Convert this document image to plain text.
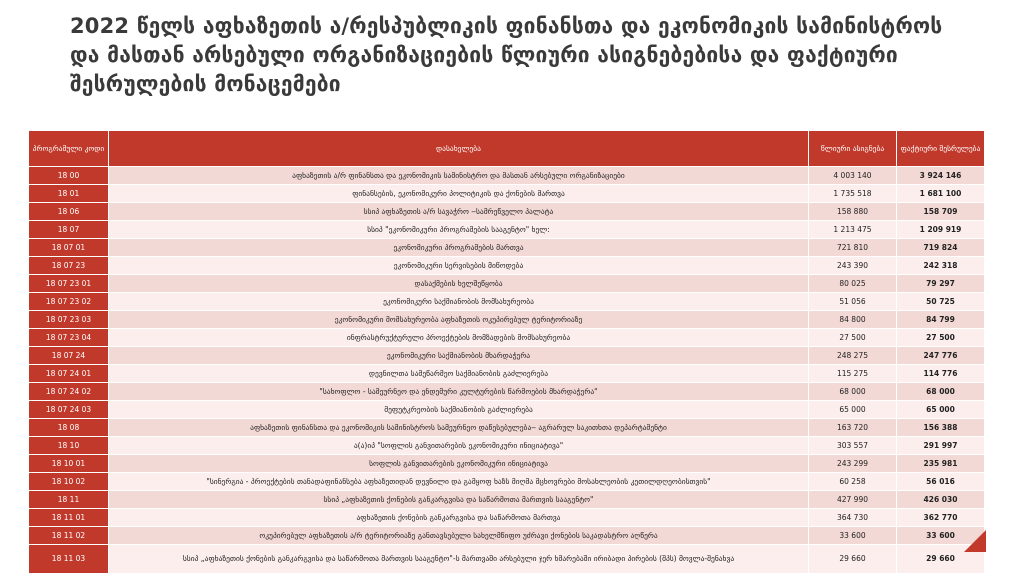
2022 წელს აფხაზეთის ა/რესპუბლიკის ფინანსთა და ეკონომიკის სამინისტროს და მასთან არსებული ორგანიზაციების წლიური ასიგნებებისა და ფაქტიური შესრულების მონაცემები
პროგრამული კოდი	დასახელება	წლიური ასიგნება	ფაქტიური შესრულება
18 00	აფხაზეთის ა/რ ფინანსთა და ეკონომიკის სამინისტრო და მასთან არსებული ორგანიზაციები	4 003 140	3 924 146
18 01	ფინანსების, ეკონომიკური პოლიტიკის და ქონების მართვა	1 735 518	1 681 100
18 06	სსიპ აფხაზეთის ა/რ სავაჭრო ‒სამრეწველო პალატა	158 880	158 709
18 07	სსიპ "ეკონომიკური პროგრამების სააგენტო" ხელ:	1 213 475	1 209 919
18 07 01	ეკონომიკური პროგრამების მართვა	721 810	719 824
18 07 23	ეკონომიკური სერვისების მიწოდება	243 390	242 318
18 07 23 01	დასაქმების ხელშეწყობა	80 025	79 297
18 07 23 02	ეკონომიკური საქმიანობის მომსახურეობა	51 056	50 725
18 07 23 03	ეკონომიკური მომსახურეობა აფხაზეთის ოკუპირებულ ტერიტორიაზე	84 800	84 799
18 07 23 04	ინფრასტრუქტურული პროექტების მომზადების მომსახურეობა	27 500	27 500
18 07 24	ეკონომიკური საქმიანობის მხარდაჭერა	248 275	247 776
18 07 24 01	დევნილთა სამეწარმეო საქმიანობის გაძლიერება	115 275	114 776
18 07 24 02	"სახოფლო - სამეურნეო და ენდემური კულტურების წარმოების მხარდაჭერა"	68 000	68 000
18 07 24 03	მეფუტკრეობის საქმიანობის გაძლიერება	65 000	65 000
18 08	აფხაზეთის ფინანსთა და ეკონომიკის სამინისტროს სამეურნეო დაწესებულება‒ აგრარულ საკითხთა დეპარტამენტი	163 720	156 388
18 10	ა(ა)იპ "სოფლის განვითარების ეკონომიკური ინიციატივა"	303 557	291 997
18 10 01	სოფლის განვითარების ეკონომიკური ინიციატივა	243 299	235 981
18 10 02	"სინერგია - პროექტების თანადაფინანსება აფხაზეთიდან დევნილი და გამყოფ ხაზს მიღმა მცხოვრები მოსახლეობის კეთილდღეობისთვის"	60 258	56 016
18 11	სსიპ „აფხაზეთის ქონების განკარგვისა და საწარმოთა მართვის სააგენტო"	427 990	426 030
18 11 01	აფხაზეთის ქონების განკარგვისა და საწარმოთა მართვა	364 730	362 770
18 11 02	ოკუპირებულ აფხაზეთის ა/რ ტერიტორიაზე განთავსებული სახელმწიფო უძრავი ქონების საკადასტრო აღწერა	33 600	33 600
18 11 03	სსიპ „აფხაზეთის ქონების განკარგვისა და საწარმოთა მართვის სააგენტო"-ს მართვაში არსებული ჯერ ხმარებაში ირიბადი პირების (შპს) მოვლა-შენახვა	29 660	29 660
